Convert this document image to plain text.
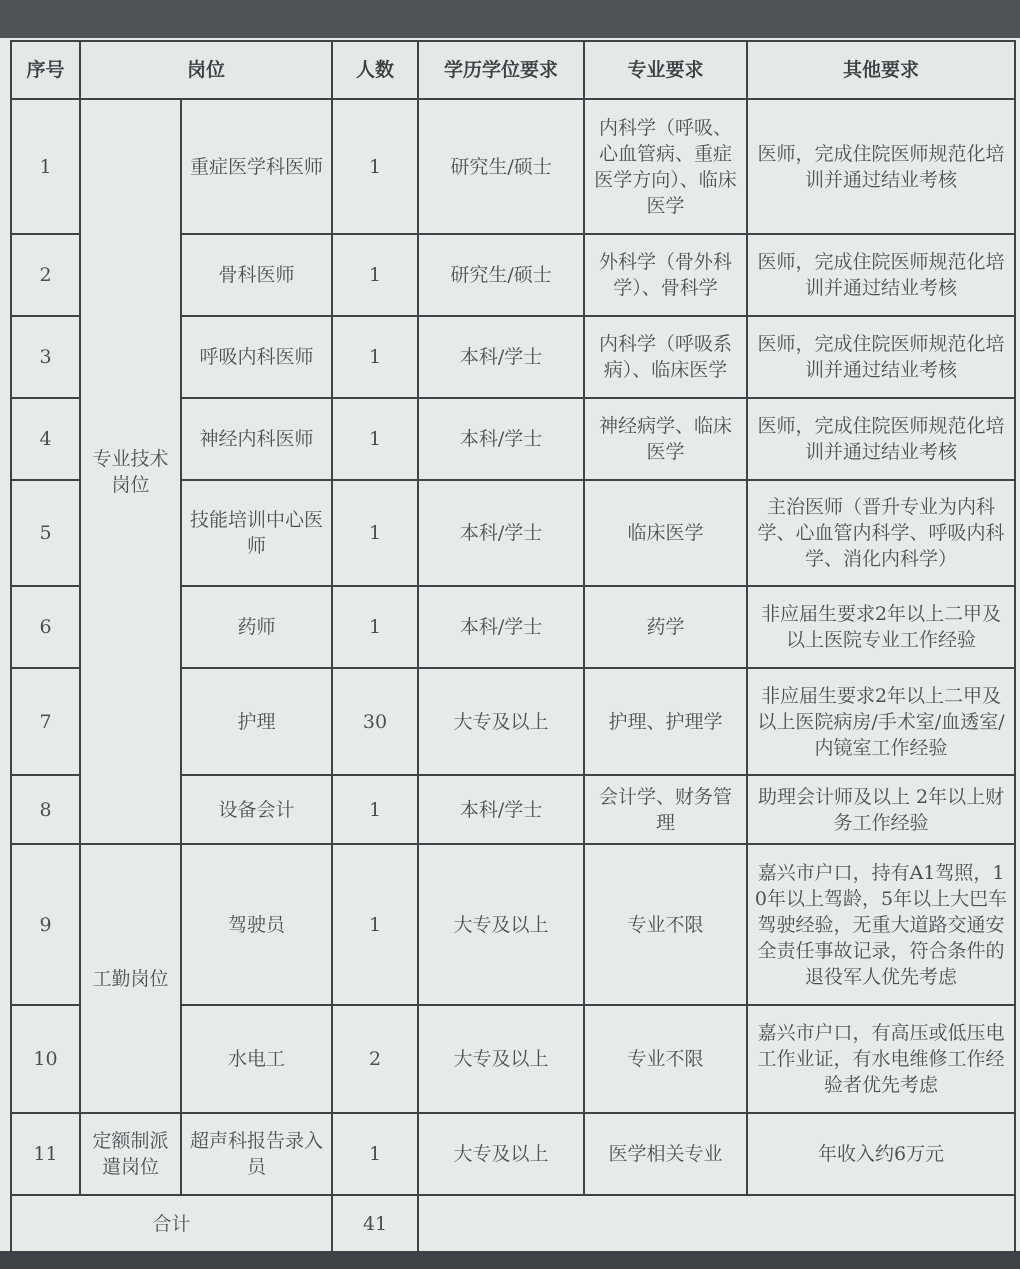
序号	岗位		人数	学历学位要求	专业要求	其他要求
1	专业技术岗位	重症医学科医师	1	研究生/硕士	内科学（呼吸、心血管病、重症医学方向）、临床医学	医师，完成住院医师规范化培训并通过结业考核
2		骨科医师	1	研究生/硕士	外科学（骨外科学）、骨科学	医师，完成住院医师规范化培训并通过结业考核
3		呼吸内科医师	1	本科/学士	内科学（呼吸系病）、临床医学	医师，完成住院医师规范化培训并通过结业考核
4		神经内科医师	1	本科/学士	神经病学、临床医学	医师，完成住院医师规范化培训并通过结业考核
5		技能培训中心医师	1	本科/学士	临床医学	主治医师（晋升专业为内科学、心血管内科学、呼吸内科学、消化内科学）
6		药师	1	本科/学士	药学	非应届生要求2年以上二甲及以上医院专业工作经验
7		护理	30	大专及以上	护理、护理学	非应届生要求2年以上二甲及以上医院病房/手术室/血透室/内镜室工作经验
8		设备会计	1	本科/学士	会计学、财务管理	助理会计师及以上 2年以上财务工作经验
9	工勤岗位	驾驶员	1	大专及以上	专业不限	嘉兴市户口，持有A1驾照，10年以上驾龄，5年以上大巴车驾驶经验，无重大道路交通安全责任事故记录，符合条件的退役军人优先考虑
10		水电工	2	大专及以上	专业不限	嘉兴市户口，有高压或低压电工作业证，有水电维修工作经验者优先考虑
11	定额制派遣岗位	超声科报告录入员	1	大专及以上	医学相关专业	年收入约6万元
合计			41			
